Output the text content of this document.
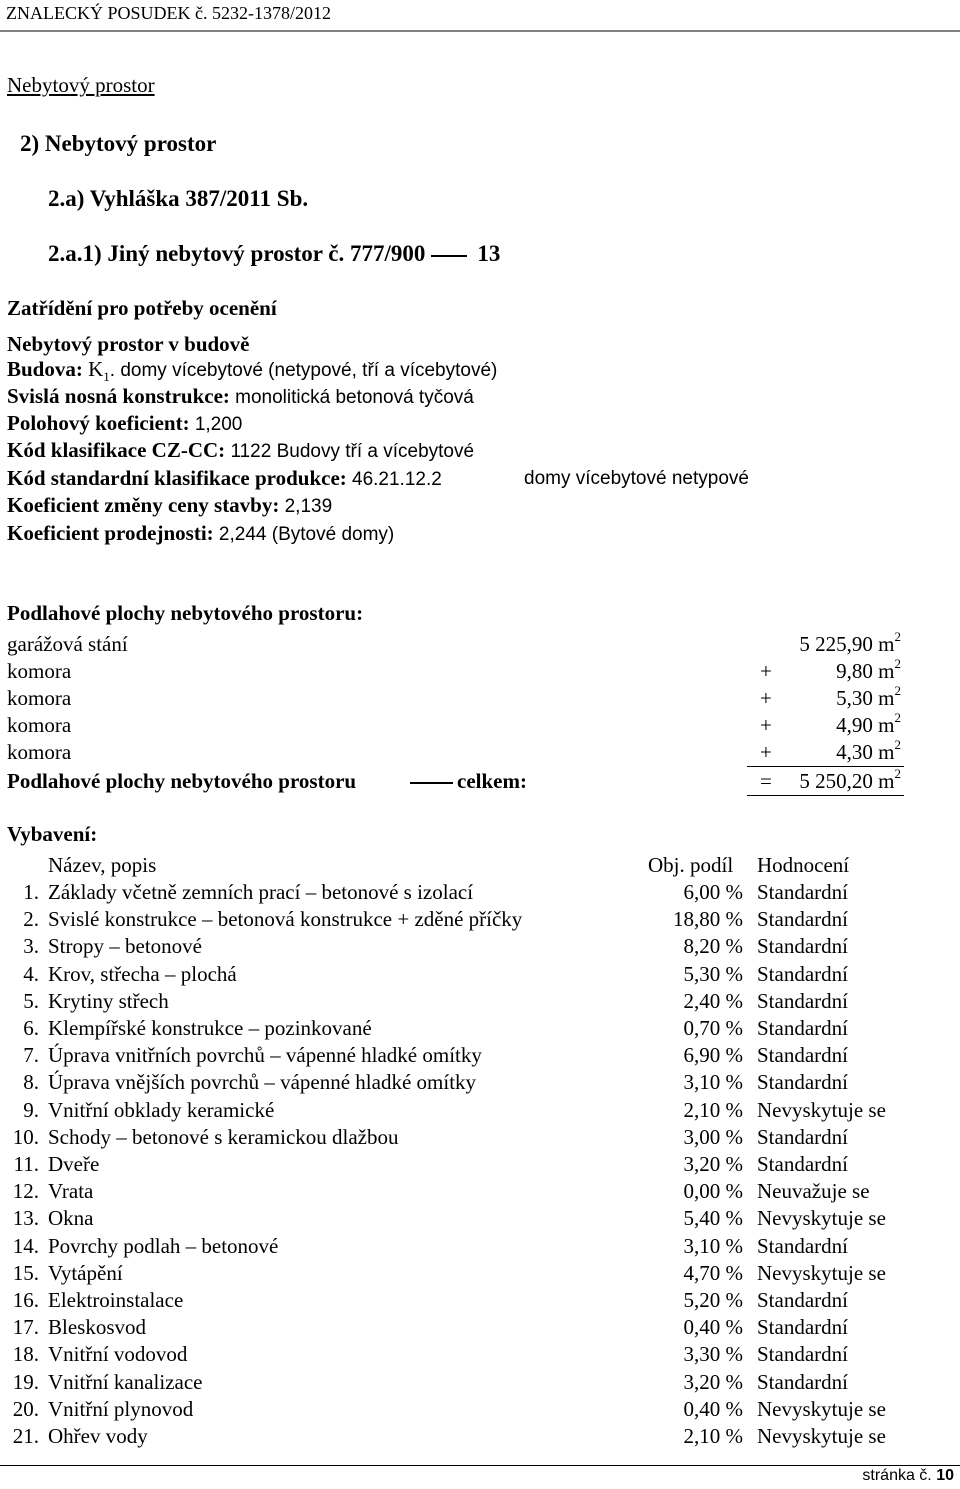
ZNALECKÝ POSUDEK č. 5232-1378/2012
Nebytový prostor
2) Nebytový prostor
2.a) Vyhláška 387/2011 Sb.
2.a.1) Jiný nebytový prostor č. 777/900 13
Zatřídění pro potřeby ocenění
Nebytový prostor v budově
Budova: $K_1$. domy vícebytové (netypové, tří a vícebytové)
Svislá nosná konstrukce: monolitická betonová tyčová
Polohový koeficient: 1,200
Kód klasifikace CZ-CC: 1122 Budovy tří a vícebytové
Kód standardní klasifikace produkce: 46.21.12.2	domy vícebytové netypové
Koeficient změny ceny stavby: 2,139
Koeficient prodejnosti: 2,244 (Bytové domy)
Podlahové plochy nebytového prostoru:
garážová stání	5 225,90 $m^2$
komora	+	9,80 $m^2$
komora	+	5,30 $m^2$
komora	+	4,90 $m^2$
komora	+	4,30 $m^2$
Podlahové plochy nebytového prostoru	celkem:	= 5 250,20 $m^2$
Vybavení:
Název, popis	Obj. podíl Hodnocení
1. Základy včetně zemních prací – betonové s izolací	6,00 % Standardní
2. Svislé konstrukce – betonová konstrukce + zděné příčky	18,80 % Standardní
3. Stropy – betonové	8,20 % Standardní
4. Krov, střecha – plochá	5,30 % Standardní
5. Krytiny střech	2,40 % Standardní
6. Klempířské konstrukce – pozinkované	0,70 % Standardní
7. Úprava vnitřních povrchů – vápenné hladké omítky	6,90 % Standardní
8. Úprava vnějších povrchů – vápenné hladké omítky	3,10 % Standardní
9. Vnitřní obklady keramické	2,10 % Nevyskytuje se
10. Schody – betonové s keramickou dlažbou	3,00 % Standardní
11. Dveře	3,20 % Standardní
12. Vrata	0,00 % Neuvažuje se
13. Okna	5,40 % Nevyskytuje se
14. Povrchy podlah – betonové	3,10 % Standardní
15. Vytápění	4,70 % Nevyskytuje se
16. Elektroinstalace	5,20 % Standardní
17. Bleskosvod	0,40 % Standardní
18. Vnitřní vodovod	3,30 % Standardní
19. Vnitřní kanalizace	3,20 % Standardní
20. Vnitřní plynovod	0,40 % Nevyskytuje se
21. Ohřev vody	2,10 % Nevyskytuje se
stránka č. 10
